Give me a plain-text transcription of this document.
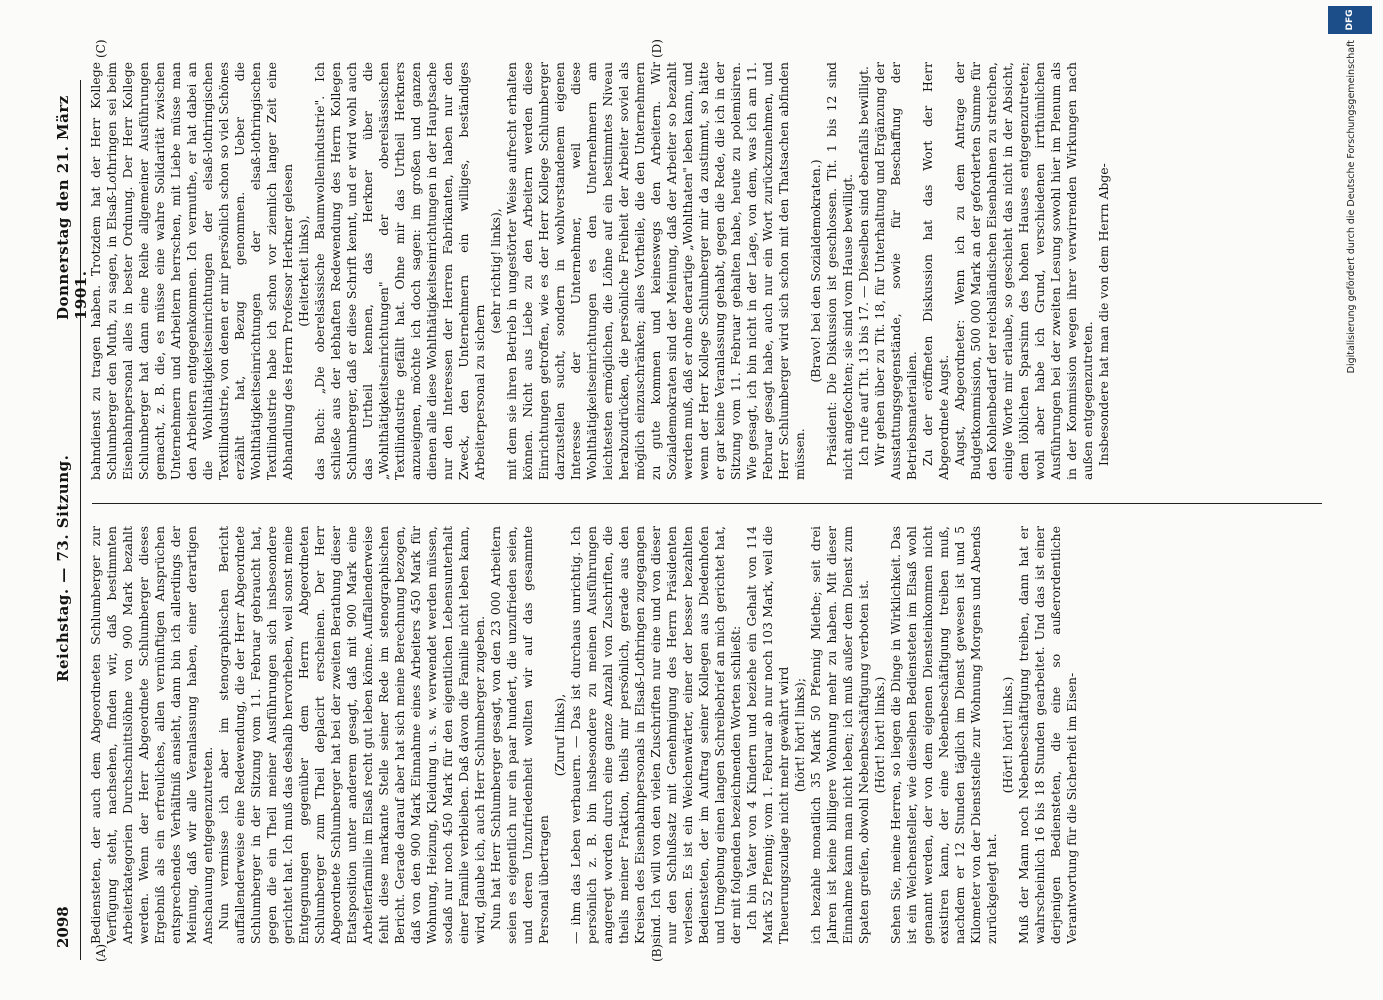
2098
Reichstag. — 73. Sitzung.
Donnerstag den 21. März 1901.
(A)	(B)
(C)	(D)

Bediensteten, der auch dem Abgeordneten Schlumberger zur Verfügung steht, nachsehen, finden wir, daß bestimmten Arbeiterkategorien Durchschnittslöhne von 900 Mark bezahlt werden. Wenn der Herr Abgeordnete Schlumberger dieses Ergebniß als ein erfreuliches, allen vernünftigen Ansprüchen entsprechendes Verhältniß ansieht, dann bin ich allerdings der Meinung, daß wir alle Veranlassung haben, einer derartigen Anschauung entgegenzutreten. Nun vermisse ich aber im stenographischen Bericht auffallenderweise eine Redewendung, die der Herr Abgeordnete Schlumberger in der Sitzung vom 11. Februar gebraucht hat, gegen die ein Theil meiner Ausführungen sich insbesondere gerichtet hat. Ich muß das deshalb hervorheben, weil sonst meine Entgegnungen gegenüber dem Herrn Abgeordneten Schlumberger zum Theil deplacirt erscheinen. Der Herr Abgeordnete Schlumberger hat bei der zweiten Berathung dieser Etatsposition unter anderem gesagt, daß mit 900 Mark eine Arbeiterfamilie im Elsaß recht gut leben könne. Auffallenderweise fehlt diese markante Stelle seiner Rede im stenographischen Bericht. Gerade darauf aber hat sich meine Berechnung bezogen, daß von den 900 Mark Einnahme eines Arbeiters 450 Mark für Wohnung, Heizung, Kleidung u. s. w. verwendet werden müssen, sodaß nur noch 450 Mark für den eigentlichen Lebensunterhalt einer Familie verbleiben. Daß davon die Familie nicht leben kann, wird, glaube ich, auch Herr Schlumberger zugeben. Nun hat Herr Schlumberger gesagt, von den 23 000 Arbeitern seien es eigentlich nur ein paar hundert, die unzufrieden seien, und deren Unzufriedenheit wollten wir auf das gesammte Personal übertragen

(Zuruf links), — ihm das Leben verbauern. — Das ist durchaus unrichtig. Ich persönlich z. B. bin insbesondere zu meinen Ausführungen angeregt worden durch eine ganze Anzahl von Zuschriften, die theils meiner Fraktion, theils mir persönlich, gerade aus den Kreisen des Eisenbahnpersonals in Elsaß-Lothringen zugegangen sind. Ich will von den vielen Zuschriften nur eine und von dieser nur den Schlußsatz mit Genehmigung des Herrn Präsidenten verlesen. Es ist ein Weichenwärter, einer der besser bezahlten Bediensteten, der im Auftrag seiner Kollegen aus Diedenhofen und Umgebung einen langen Schreibebrief an mich gerichtet hat, der mit folgenden bezeichnenden Worten schließt: Ich bin Vater von 4 Kindern und beziehe ein Gehalt von 114 Mark 52 Pfennig; vom 1. Februar ab nur noch 103 Mark, weil die Theuerungszulage nicht mehr gewährt wird (hört! hört! links); ich bezahle monatlich 35 Mark 50 Pfennig Miethe; seit drei Jahren ist keine billigere Wohnung mehr zu haben. Mit dieser Einnahme kann man nicht leben; ich muß außer dem Dienst zum Spaten greifen, obwohl Nebenbeschäftigung verboten ist. (Hört! hört! links.) Sehen Sie, meine Herren, so liegen die Dinge in Wirklichkeit. Das ist ein Weichensteller, wie dieselben Bediensteten im Elsaß wohl genannt werden, der von dem eigenen Diensteinkommen nicht existiren kann, der eine Nebenbeschäftigung treiben muß, nachdem er 12 Stunden täglich im Dienst gewesen ist und 5 Kilometer von der Dienststelle zur Wohnung Morgens und Abends zurückgelegt hat.

(Hört! hört! links.) Muß der Mann noch Nebenbeschäftigung treiben, dann hat er wahrscheinlich 16 bis 18 Stunden gearbeitet. Und das ist einer derjenigen Bediensteten, die eine so außerordentliche Verantwortung für die Sicherheit im Eisen-

bahndienst zu tragen haben. Trotzdem hat der Herr Kollege Schlumberger den Muth, zu sagen, in Elsaß-Lothringen sei beim Eisenbahnpersonal alles in bester Ordnung. Der Herr Kollege Schlumberger hat dann eine Reihe allgemeiner Ausführungen gemacht, z. B. die, es müsse eine wahre Solidarität zwischen Unternehmern und Arbeitern herrschen, mit Liebe müsse man den Arbeitern entgegenkommen. Ich vermuthe, er hat dabei an die Wohlthätigkeitseinrichtungen der elsaß-lothringischen Textilindustrie, von denen er mir persönlich schon so viel Schönes erzählt hat, Bezug genommen. Ueber die Wohlthätigkeitseinrichtungen der elsaß-lothringischen Textilindustrie habe ich schon vor ziemlich langer Zeit eine Abhandlung des Herrn Professor Herkner gelesen (Heiterkeit links), das Buch: „Die oberelsässische Baumwollenindustrie". Ich schließe aus der lebhaften Redewendung des Herrn Kollegen Schlumberger, daß er diese Schrift kennt, und er wird wohl auch das Urtheil kennen, das Herkner über die „Wohlthätigkeitseinrichtungen" der oberelsässischen Textilindustrie gefällt hat. Ohne mir das Urtheil Herkners anzueignen, möchte ich doch sagen: im großen und ganzen dienen alle diese Wohlthätigkeitseinrichtungen in der Hauptsache nur den Interessen der Herren Fabrikanten, haben nur den Zweck, den Unternehmern ein williges, beständiges Arbeiterpersonal zu sichern

(sehr richtig! links), mit dem sie ihren Betrieb in ungestörter Weise aufrecht erhalten können. Nicht aus Liebe zu den Arbeitern werden diese Einrichtungen getroffen, wie es der Herr Kollege Schlumberger darzustellen sucht, sondern in wohlverstandenem eigenen Interesse der Unternehmer, weil diese Wohlthätigkeitseinrichtungen es den Unternehmern am leichtesten ermöglichen, die Löhne auf ein bestimmtes Niveau herabzudrücken, die persönliche Freiheit der Arbeiter soviel als möglich einzuschränken; alles Vortheile, die den Unternehmern zu gute kommen und keineswegs den Arbeitern. Wir Sozialdemokraten sind der Meinung, daß der Arbeiter so bezahlt werden muß, daß er ohne derartige „Wohlthaten" leben kann, und wenn der Herr Kollege Schlumberger mir da zustimmt, so hätte er gar keine Veranlassung gehabt, gegen die Rede, die ich in der Sitzung vom 11. Februar gehalten habe, heute zu polemisiren. Wie gesagt, ich bin nicht in der Lage, von dem, was ich am 11. Februar gesagt habe, auch nur ein Wort zurückzunehmen, und Herr Schlumberger wird sich schon mit den Thatsachen abfinden müssen.

(Bravo! bei den Sozialdemokraten.) Präsident: Die Diskussion ist geschlossen. Tit. 1 bis 12 sind nicht angefochten; sie sind vom Hause bewilligt. Ich rufe auf Tit. 13 bis 17. — Dieselben sind ebenfalls bewilligt. Wir gehen über zu Tit. 18, für Unterhaltung und Ergänzung der Ausstattungsgegenstände, sowie für Beschaffung der Betriebsmaterialien. Zu der eröffneten Diskussion hat das Wort der Herr Abgeordnete Augst. Augst, Abgeordneter: Wenn ich zu dem Antrage der Budgetkommission, 500 000 Mark an der geforderten Summe für den Kohlenbedarf der reichsländischen Eisenbahnen zu streichen, einige Worte mir erlaube, so geschieht das nicht in der Absicht, dem löblichen Sparsinn des hohen Hauses entgegenzutreten; wohl aber habe ich Grund, verschiedenen irrthümlichen Ausführungen bei der zweiten Lesung sowohl hier im Plenum als in der Kommission wegen ihrer verwirrenden Wirkungen nach außen entgegenzutreten. Insbesondere hat man die von dem Herrn Abge-	Digitalisierung gefördert durch die Deutsche Forschungsgemeinschaft
DFG
